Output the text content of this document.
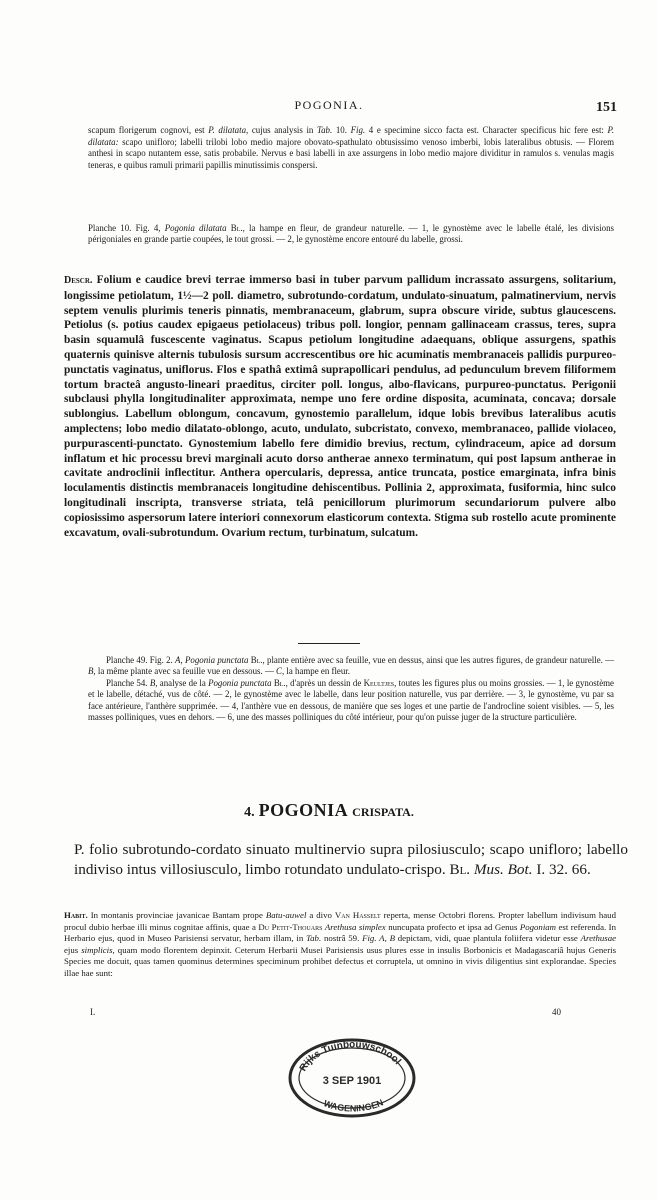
POGONIA.	151
scapum florigerum cognovi, est P. dilatata, cujus analysis in Tab. 10. Fig. 4 e specimine sicco facta est. Character specificus hic fere est: P. dilatata: scapo unifloro; labelli trilobi lobo medio majore obovato-spathulato obtusissimo venoso imberbi, lobis lateralibus obtusis. — Florem anthesi in scapo nutantem esse, satis probabile. Nervus e basi labelli in axe assurgens in lobo medio majore dividitur in ramulos s. venulas magis teneras, e quibus ramuli primarii papillis minutissimis conspersi.
Planche 10. Fig. 4, Pogonia dilatata Bl., la hampe en fleur, de grandeur naturelle. — 1, le gynostème avec le labelle étalé, les divisions périgoniales en grande partie coupées, le tout grossi. — 2, le gynostème encore entouré du labelle, grossi.
Descr. Folium e caudice brevi terrae immerso basi in tuber parvum pallidum incrassato assurgens, solitarium, longissime petiolatum, 1½—2 poll. diametro, subrotundo-cordatum, undulato-sinuatum, palmatinervium, nervis septem venulis plurimis teneris pinnatis, membranaceum, glabrum, supra obscure viride, subtus glaucescens. Petiolus (s. potius caudex epigaeus petiolaceus) tribus poll. longior, pennam gallinaceam crassus, teres, supra basin squamulâ fuscescente vaginatus. Scapus petiolum longitudine adaequans, oblique assurgens, spathis quaternis quinisve alternis tubulosis sursum accrescentibus ore hic acuminatis membranaceis pallidis purpureo-punctatis vaginatus, uniflorus. Flos e spathâ extimâ suprapollicari pendulus, ad pedunculum brevem filiformem tortum bracteâ angusto-lineari praeditus, circiter poll. longus, albo-flavicans, purpureo-punctatus. Perigonii subclausi phylla longitudinaliter approximata, nempe uno fere ordine disposita, acuminata, concava; dorsale sublongius. Labellum oblongum, concavum, gynostemio parallelum, idque lobis brevibus lateralibus acutis amplectens; lobo medio dilatato-oblongo, acuto, undulato, subcristato, convexo, membranaceo, pallide violaceo, purpurascenti-punctato. Gynostemium labello fere dimidio brevius, rectum, cylindraceum, apice ad dorsum inflatum et hic processu brevi marginali acuto dorso antherae annexo terminatum, qui post lapsum antherae in cavitate androclinii inflectitur. Anthera opercularis, depressa, antice truncata, postice emarginata, infra binis loculamentis distinctis membranaceis longitudine dehiscentibus. Pollinia 2, approximata, fusiformia, hinc sulco longitudinali inscripta, transverse striata, telâ penicillorum plurimorum secundariorum pulvere albo copiosissimo aspersorum latere interiori connexorum elasticorum contexta. Stigma sub rostello acute prominente excavatum, ovali-subrotundum. Ovarium rectum, turbinatum, sulcatum.
Planche 49. Fig. 2. A, Pogonia punctata Bl., plante entière avec sa feuille, vue en dessus, ainsi que les autres figures, de grandeur naturelle. — B, la même plante avec sa feuille vue en dessous. — C, la hampe en fleur.
Planche 54. B, analyse de la Pogonia punctata Bl., d'après un dessin de Keultjes, toutes les figures plus ou moins grossies. — 1, le gynostème et le labelle, détaché, vus de côté. — 2, le gynostème avec le labelle, dans leur position naturelle, vus par derrière. — 3, le gynostème, vu par sa face antérieure, l'anthère supprimée. — 4, l'anthère vue en dessous, de manière que ses loges et une partie de l'androcline soient visibles. — 5, les masses polliniques, vues en dehors. — 6, une des masses polliniques du côté intérieur, pour qu'on puisse juger de la structure particulière.
4. POGONIA CRISPATA.
P. folio subrotundo-cordato sinuato multinervio supra pilosiusculo; scapo unifloro; labello indiviso intus villosiusculo, limbo rotundato undulato-crispo. Bl. Mus. Bot. I. 32. 66.
Habit. In montanis provinciae javanicae Bantam prope Batu-auwel a divo Van Hasselt reperta, mense Octobri florens. Propter labellum indivisum haud procul dubio herbae illi minus cognitae affinis, quae a Du Petit-Thouars Arethusa simplex nuncupata profecto et ipsa ad Genus Pogoniam est referenda. In Herbario ejus, quod in Museo Parisiensi servatur, herbam illam, in Tab. nostrâ 59. Fig. A, B depictam, vidi, quae plantula foliifera videtur esse Arethusae ejus simplicis, quam modo florentem depinxit. Ceterum Herbarii Musei Parisiensis usus plures esse in insulis Borbonicis et Madagascariâ hujus Generis Species me docuit, quas tamen quominus determines speciminum prohibet defectus et corruptela, ut omnino in vivis diligentius sint explorandae. Species illae hae sunt:
I.	40
Rijks Tuinbouwschool
3 SEP 1901
WAGENINGEN
